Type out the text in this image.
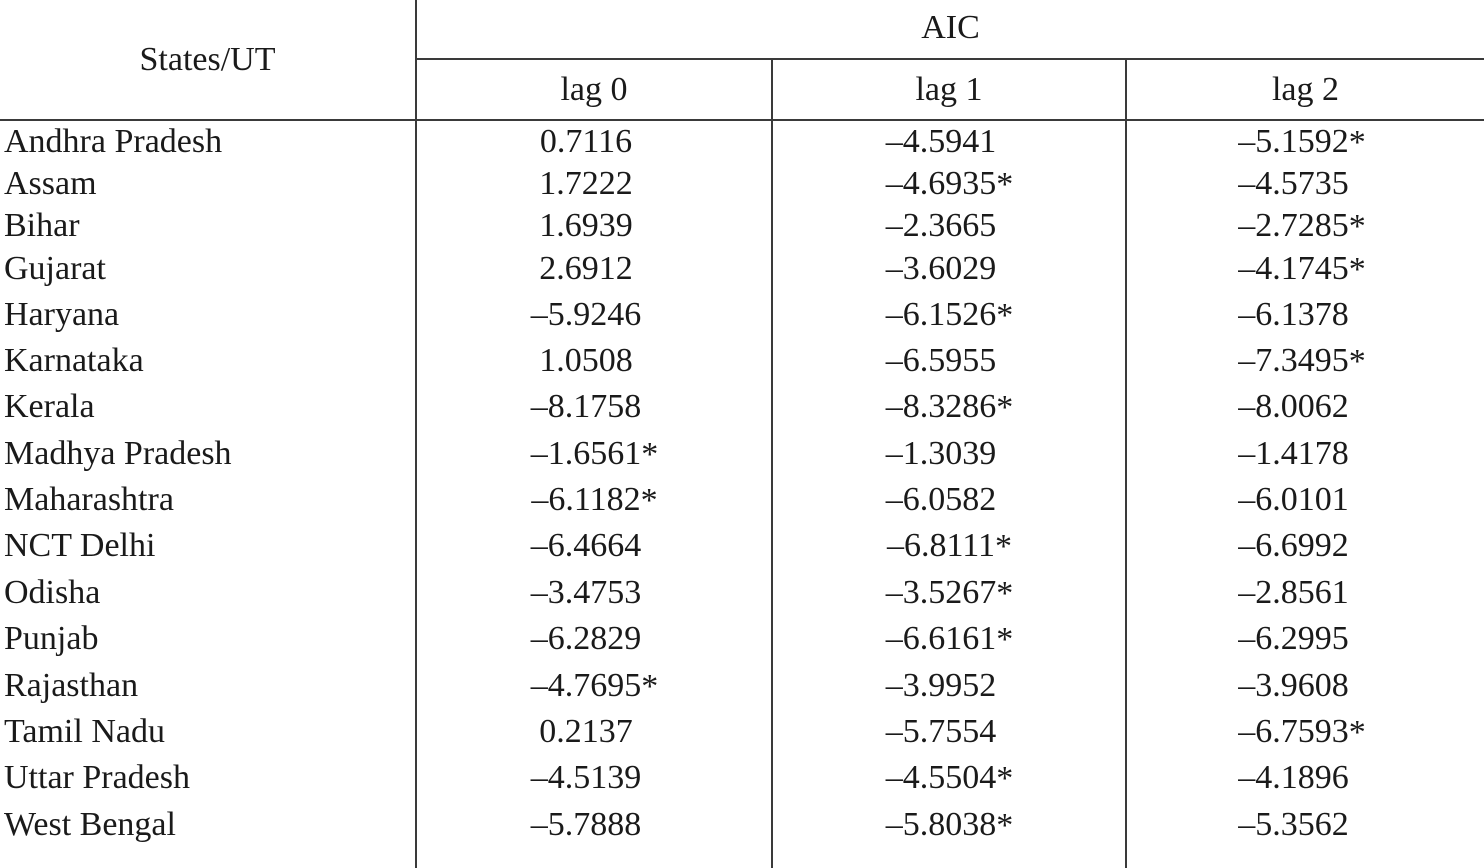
States/UT
AIC
lag 0	lag 1	lag 2
Andhra Pradesh	0.7116	–4.5941	–5.1592 *
Assam	1.7222	–4.6935 *	–4.5735
Bihar	1.6939	–2.3665	–2.7285 *
Gujarat	2.6912	–3.6029	–4.1745 *
Haryana	–5.9246	–6.1526 *	–6.1378
Karnataka	1.0508	–6.5955	–7.3495 *
Kerala	–8.1758	–8.3286 *	–8.0062
Madhya Pradesh	–1.6561 *	–1.3039	–1.4178
Maharashtra	–6.1182 *	–6.0582	–6.0101
NCT Delhi	–6.4664	–6.8111 *	–6.6992
Odisha	–3.4753	–3.5267 *	–2.8561
Punjab	–6.2829	–6.6161 *	–6.2995
Rajasthan	–4.7695 *	–3.9952	–3.9608
Tamil Nadu	0.2137	–5.7554	–6.7593 *
Uttar Pradesh	–4.5139	–4.5504 *	–4.1896
West Bengal	–5.7888	–5.8038 *	–5.3562
